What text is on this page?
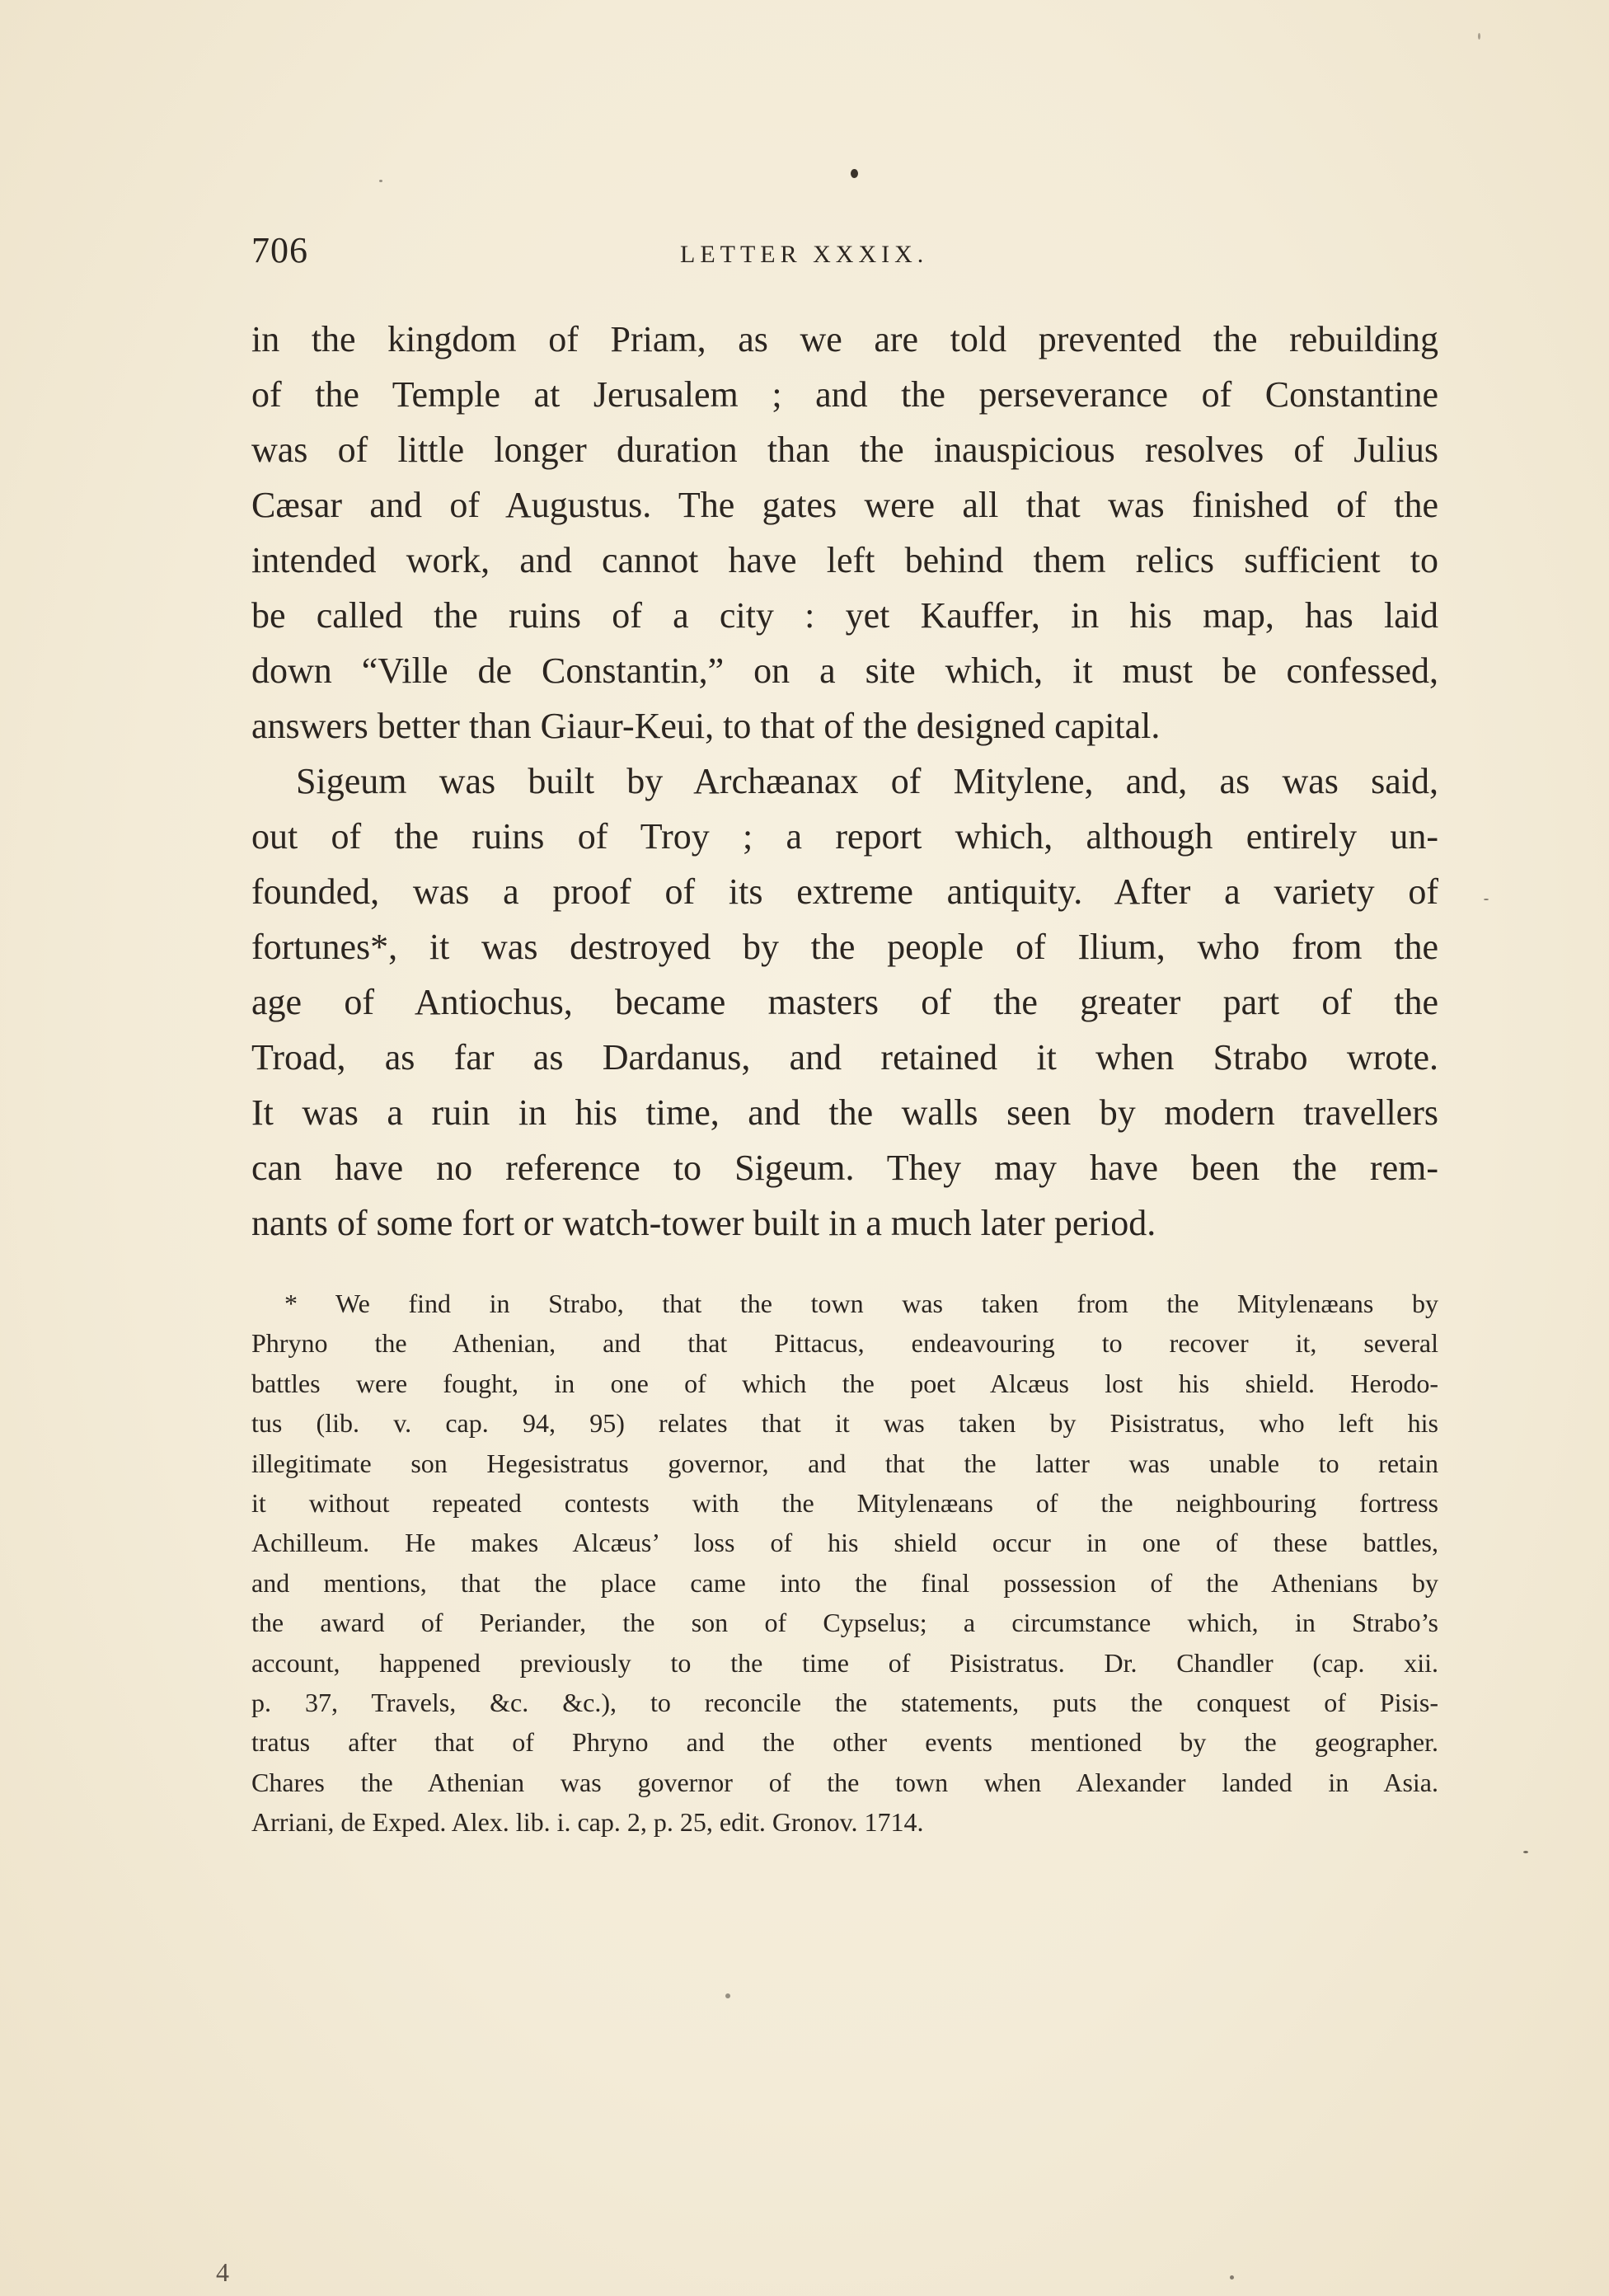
706	LETTER XXXIX.
in the kingdom of Priam, as we are told prevented the rebuilding
of the Temple at Jerusalem ; and the perseverance of Constantine
was of little longer duration than the inauspicious resolves of Julius
Cæsar and of Augustus. The gates were all that was finished of the
intended work, and cannot have left behind them relics sufficient to
be called the ruins of a city : yet Kauffer, in his map, has laid
down “Ville de Constantin,” on a site which, it must be confessed,
answers better than Giaur-Keui, to that of the designed capital.
Sigeum was built by Archæanax of Mitylene, and, as was said,
out of the ruins of Troy ; a report which, although entirely un-
founded, was a proof of its extreme antiquity. After a variety of
fortunes*, it was destroyed by the people of Ilium, who from the
age of Antiochus, became masters of the greater part of the
Troad, as far as Dardanus, and retained it when Strabo wrote.
It was a ruin in his time, and the walls seen by modern travellers
can have no reference to Sigeum. They may have been the rem-
nants of some fort or watch-tower built in a much later period.
* We find in Strabo, that the town was taken from the Mitylenæans by
Phryno the Athenian, and that Pittacus, endeavouring to recover it, several
battles were fought, in one of which the poet Alcæus lost his shield. Herodo-
tus (lib. v. cap. 94, 95) relates that it was taken by Pisistratus, who left his
illegitimate son Hegesistratus governor, and that the latter was unable to retain
it without repeated contests with the Mitylenæans of the neighbouring fortress
Achilleum. He makes Alcæus’ loss of his shield occur in one of these battles,
and mentions, that the place came into the final possession of the Athenians by
the award of Periander, the son of Cypselus; a circumstance which, in Strabo’s
account, happened previously to the time of Pisistratus. Dr. Chandler (cap. xii.
p. 37, Travels, &c. &c.), to reconcile the statements, puts the conquest of Pisis-
tratus after that of Phryno and the other events mentioned by the geographer.
Chares the Athenian was governor of the town when Alexander landed in Asia.
Arriani, de Exped. Alex. lib. i. cap. 2, p. 25, edit. Gronov. 1714.
4
